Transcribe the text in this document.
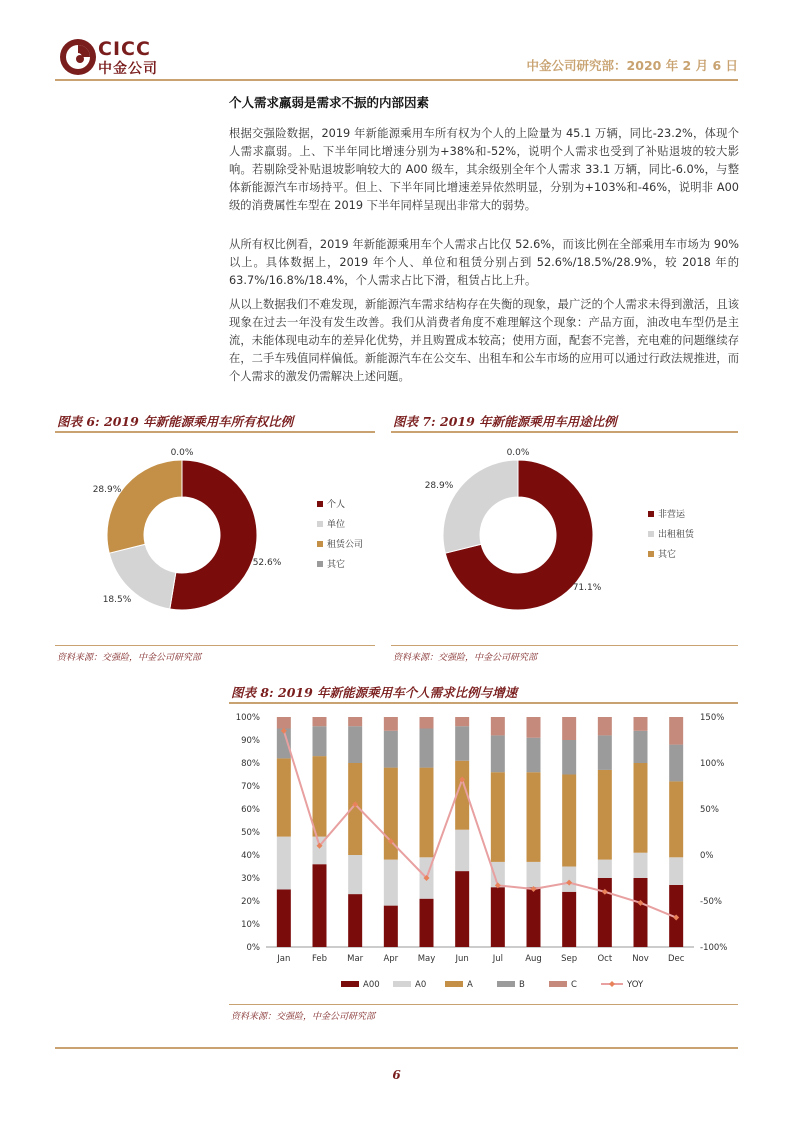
CICC
中金公司	中金公司研究部：2020 年 2 月 6 日
个人需求羸弱是需求不振的内部因素
根据交强险数据，2019 年新能源乘用车所有权为个人的上险量为 45.1 万辆，同比-23.2%，体现个人需求羸弱。上、下半年同比增速分别为+38%和-52%，说明个人需求也受到了补贴退坡的较大影响。若剔除受补贴退坡影响较大的 A00 级车，其余级别全年个人需求 33.1 万辆，同比-6.0%，与整体新能源汽车市场持平。但上、下半年同比增速差异依然明显，分别为+103%和-46%，说明非 A00 级的消费属性车型在 2019 下半年同样呈现出非常大的弱势。
从所有权比例看，2019 年新能源乘用车个人需求占比仅 52.6%，而该比例在全部乘用车市场为 90%以上。具体数据上，2019 年个人、单位和租赁分别占到 52.6%/18.5%/28.9%，较 2018 年的 63.7%/16.8%/18.4%，个人需求占比下滑，租赁占比上升。
从以上数据我们不难发现，新能源汽车需求结构存在失衡的现象，最广泛的个人需求未得到激活，且该现象在过去一年没有发生改善。我们从消费者角度不难理解这个现象：产品方面，油改电车型仍是主流，未能体现电动车的差异化优势，并且购置成本较高；使用方面，配套不完善，充电难的问题继续存在，二手车残值同样偏低。新能源汽车在公交车、出租车和公车市场的应用可以通过行政法规推进，而个人需求的激发仍需解决上述问题。
图表 6: 2019 年新能源乘用车所有权比例
52.6%
18.5%
28.9%
0.0%
个人
单位
租赁公司
其它
资料来源：交强险，中金公司研究部
图表 7: 2019 年新能源乘用车用途比例
71.1%
28.9%
0.0%
非营运
出租租赁
其它
资料来源：交强险，中金公司研究部
图表 8: 2019 年新能源乘用车个人需求比例与增速
0%
10%
20%
30%
40%
50%
60%
70%
80%
90%
100%
-100%
-50%
0%
50%
100%
150%
Jan	Feb Mar Apr May Jun	Jul	Aug Sep Oct Nov Dec
A00	A0	A	B	C	YOY
资料来源：交强险，中金公司研究部
6
